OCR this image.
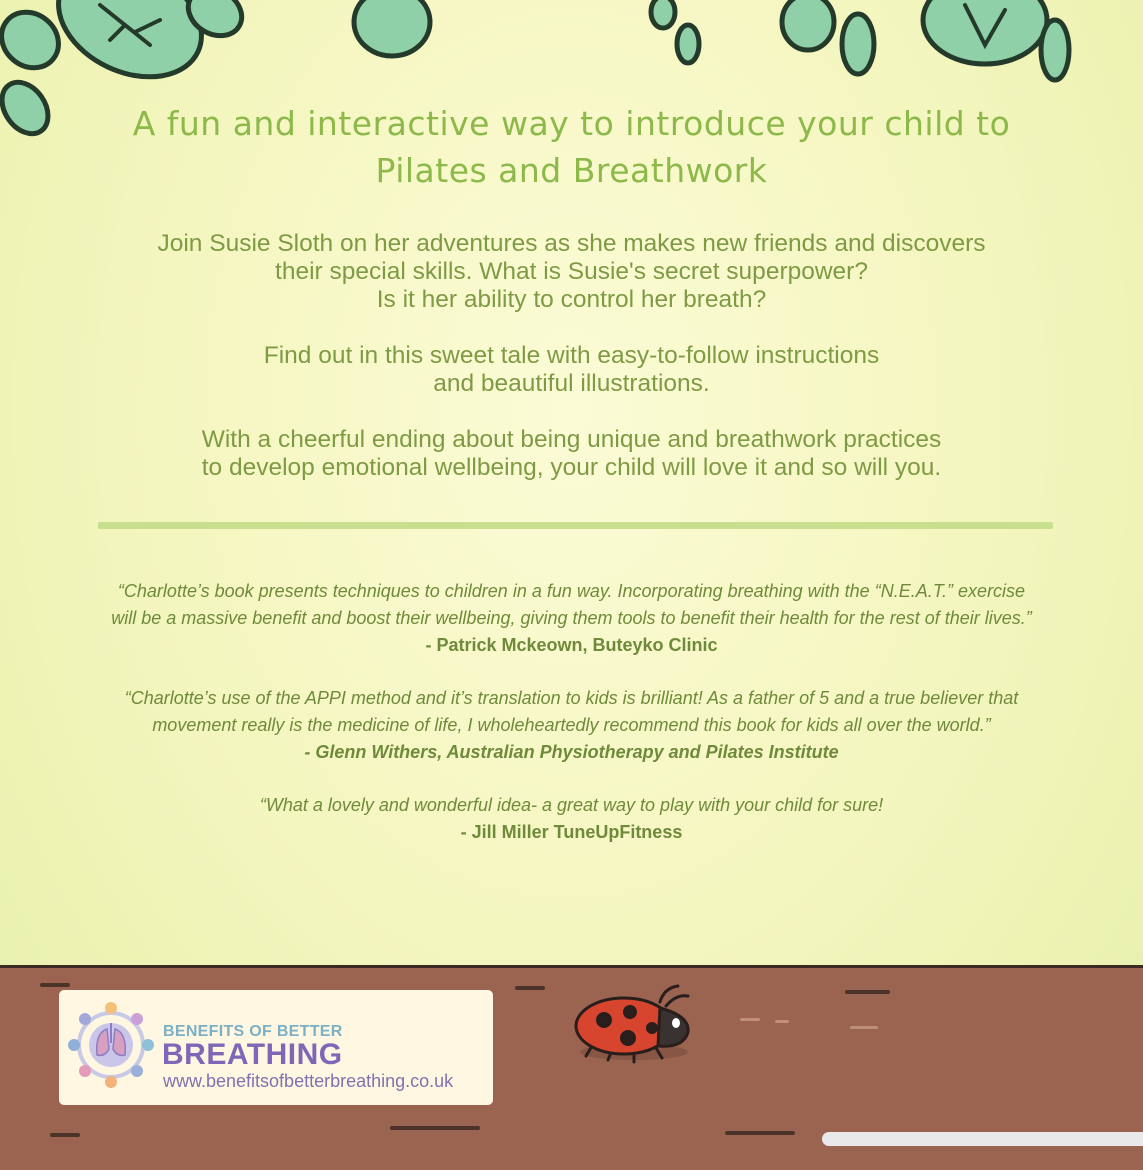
A fun and interactive way to introduce your child to
Pilates and Breathwork

Join Susie Sloth on her adventures as she makes new friends and discovers
their special skills. What is Susie's secret superpower?
Is it her ability to control her breath?

Find out in this sweet tale with easy-to-follow instructions
and beautiful illustrations.

With a cheerful ending about being unique and breathwork practices
to develop emotional wellbeing, your child will love it and so will you.

“Charlotte’s book presents techniques to children in a fun way. Incorporating breathing with the “N.E.A.T.” exercise
will be a massive benefit and boost their wellbeing, giving them tools to benefit their health for the rest of their lives.”
- Patrick Mckeown, Buteyko Clinic
“Charlotte’s use of the APPI method and it’s translation to kids is brilliant! As a father of 5 and a true believer that
movement really is the medicine of life, I wholeheartedly recommend this book for kids all over the world.”
- Glenn Withers, Australian Physiotherapy and Pilates Institute
“What a lovely and wonderful idea- a great way to play with your child for sure!
- Jill Miller TuneUpFitness
BENEFITS OF BETTER
BREATHING
www.benefitsofbetterbreathing.co.uk
